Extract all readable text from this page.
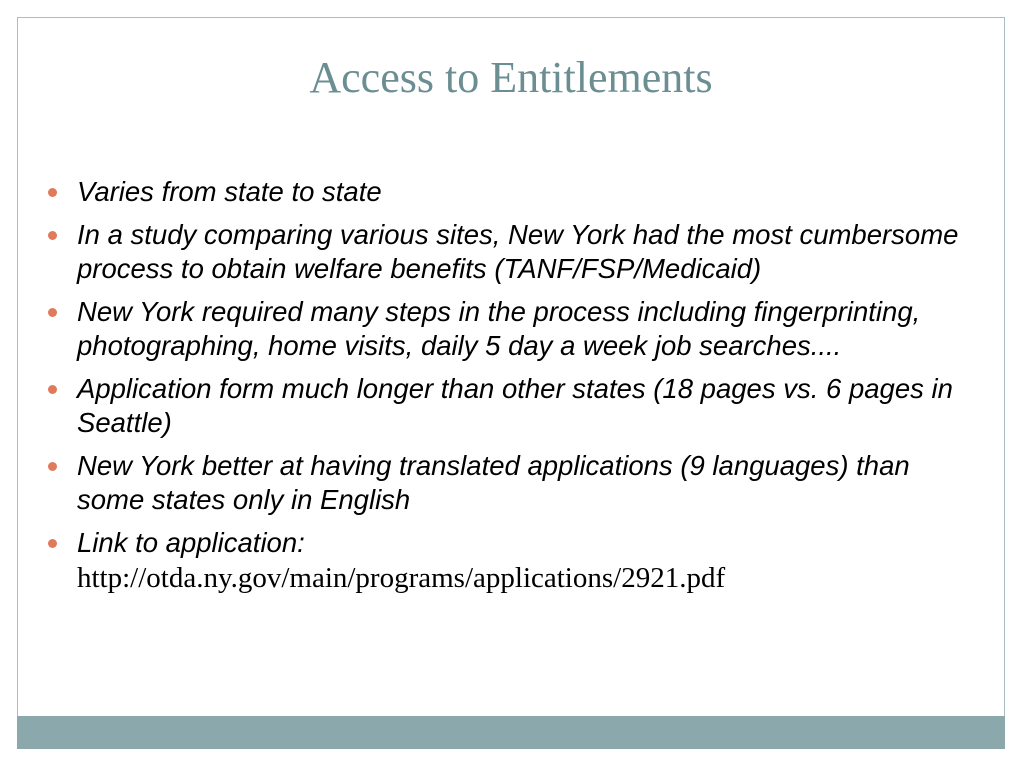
Access to Entitlements
Varies from state to state
In a study comparing various sites, New York had the most cumbersome process to obtain welfare benefits (TANF/FSP/Medicaid)
New York required many steps in the process including fingerprinting, photographing, home visits, daily 5 day a week job searches....
Application form much longer than other states (18 pages vs. 6 pages in Seattle)
New York better at having translated applications (9 languages) than some states only in English
Link to application:
http://otda.ny.gov/main/programs/applications/2921.pdf
